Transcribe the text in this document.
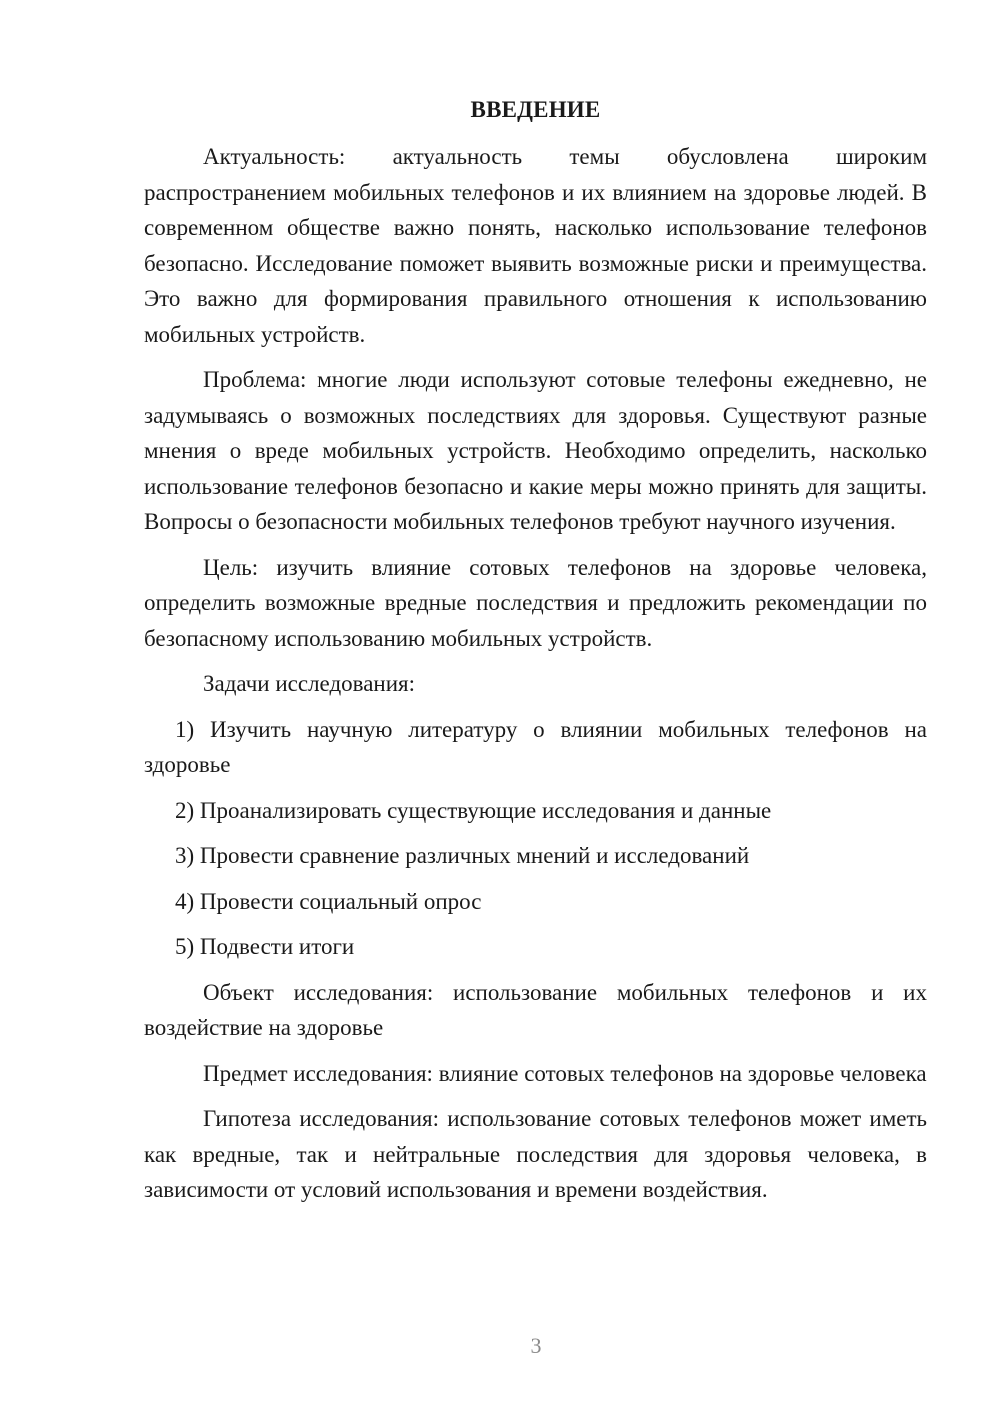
ВВЕДЕНИЕ

Актуальность: актуальность темы обусловлена широким распространением мобильных телефонов и их влиянием на здоровье людей. В современном обществе важно понять, насколько использование телефонов безопасно. Исследование поможет выявить возможные риски и преимущества. Это важно для формирования правильного отношения к использованию мобильных устройств.

Проблема: многие люди используют сотовые телефоны ежедневно, не задумываясь о возможных последствиях для здоровья. Существуют разные мнения о вреде мобильных устройств. Необходимо определить, насколько использование телефонов безопасно и какие меры можно принять для защиты. Вопросы о безопасности мобильных телефонов требуют научного изучения.

Цель: изучить влияние сотовых телефонов на здоровье человека, определить возможные вредные последствия и предложить рекомендации по безопасному использованию мобильных устройств.

Задачи исследования:

1) Изучить научную литературу о влиянии мобильных телефонов на здоровье

2) Проанализировать существующие исследования и данные

3) Провести сравнение различных мнений и исследований

4) Провести социальный опрос

5) Подвести итоги

Объект исследования: использование мобильных телефонов и их воздействие на здоровье

Предмет исследования: влияние сотовых телефонов на здоровье человека

Гипотеза исследования: использование сотовых телефонов может иметь как вредные, так и нейтральные последствия для здоровья человека, в зависимости от условий использования и времени воздействия.

3
